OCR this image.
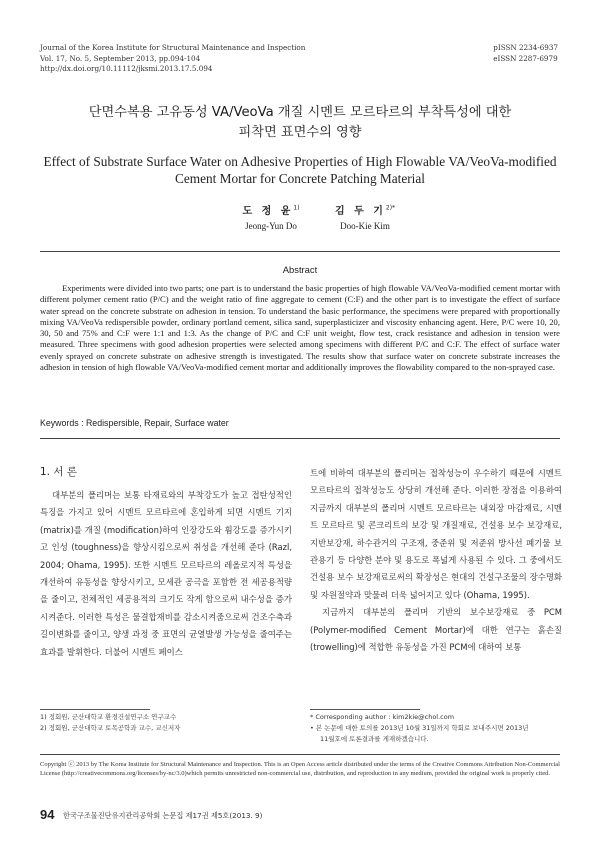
Journal of the Korea Institute for Structural Maintenance and Inspection
Vol. 17, No. 5, September 2013, pp.094-104
http://dx.doi.org/10.11112/jksmi.2013.17.5.094
pISSN 2234-6937
eISSN 2287-6979
단면수복용 고유동성 VA/VeoVa 개질 시멘트 모르타르의 부착특성에 대한
피착면 표면수의 영향
Effect of Substrate Surface Water on Adhesive Properties of High Flowable VA/VeoVa-modified
Cement Mortar for Concrete Patching Material
도 정 윤$^{1)}$
Jeong-Yun Do
김 두 기$^{2)*}$
Doo-Kie Kim
Abstract

Experiments were divided into two parts; one part is to understand the basic properties of high flowable VA/VeoVa-modified cement mortar with different polymer cement ratio (P/C) and the weight ratio of fine aggregate to cement (C:F) and the other part is to investigate the effect of surface water spread on the concrete substrate on adhesion in tension. To understand the basic performance, the specimens were prepared with proportionally mixing VA/VeoVa redispersible powder, ordinary portland cement, silica sand, superplasticizer and viscosity enhancing agent. Here, P/C were 10, 20, 30, 50 and 75% and C:F were 1:1 and 1:3. As the change of P/C and C:F unit weight, flow test, crack resistance and adhesion in tension were measured. Three specimens with good adhesion properties were selected among specimens with different P/C and C:F. The effect of surface water evenly sprayed on concrete substrate on adhesive strength is investigated. The results show that surface water on concrete substrate increases the adhesion in tension of high flowable VA/VeoVa-modified cement mortar and additionally improves the flowability compared to the non-sprayed case.

Keywords : Redispersible, Repair, Surface water
1. 서 론

대부분의 폴리머는 보통 타재료와의 부착강도가 높고 접탄성적인 특징을 가지고 있어 시멘트 모르타르에 혼입하게 되면 시멘트 기지 (matrix)를 개질 (modification)하여 인장강도와 휨강도를 증가시키고 인성 (toughness)을 향상시킴으로써 취성을 개선해 준다 (Razl, 2004; Ohama, 1995). 또한 시멘트 모르타르의 레올로지적 특성을 개선하여 유동성을 향상시키고, 모세관 공극을 포함한 전 세공용적량을 줄이고, 전체적인 세공용적의 크기도 작게 함으로써 내수성을 증가시켜준다. 이러한 특성은 물결합재비를 감소시켜줌으로써 건조수축과 길이변화를 줄이고, 양생 과정 중 표면의 균열발생 가능성을 줄여주는 효과를 발휘한다. 더불어 시멘트 페이스

트에 비하여 대부분의 폴리머는 접착성능이 우수하기 때문에 시멘트 모르타르의 접착성능도 상당히 개선해 준다. 이러한 장점을 이용하여 지금까지 대부분의 폴리머 시멘트 모르타르는 내외장 마감재료, 시멘트 모르타르 및 콘크리트의 보강 및 개질재료, 건설용 보수 보강재료, 지반보강재, 하수관거의 구조재, 중준위 및 저준위 방사선 폐기물 보관용기 등 다양한 분야 및 용도로 폭넓게 사용된 수 있다. 그 중에서도 건설용 보수 보강재료로써의 확장성은 현대의 건설구조물의 장수명화 및 자원절약과 맞물려 더욱 넓어지고 있다 (Ohama, 1995).

지금까지 대부분의 폴리머 기반의 보수보강재료 중 PCM (Polymer-modified Cement Mortar)에 대한 연구는 흙손질 (trowelling)에 적합한 유동성을 가진 PCM에 대하여 보통

1) 정회원, 군산대학교 환경건설연구소 연구교수
2) 정회원, 군산대학교 토목공학과 교수, 교신저자
* Corresponding author : kim2kie@chol.com
• 본 논문에 대한 토의를 2013년 10월 31일까지 학회로 보내주시면 2013년
11월호에 토론결과를 게재하겠습니다.
Copyright ⓒ 2013 by The Korea Institute for Structural Maintenance and Inspection. This is an Open Access article distributed under the terms of the Creative Commons Attribution Non-Commercial License (http://creativecommons.org/licenses/by-nc/3.0)which permits unrestricted non-commercial use, distribution, and reproduction in any medium, provided the original work is properly cited.
94 한국구조물진단유지관리공학회 논문집 제17권 제5호(2013. 9)
